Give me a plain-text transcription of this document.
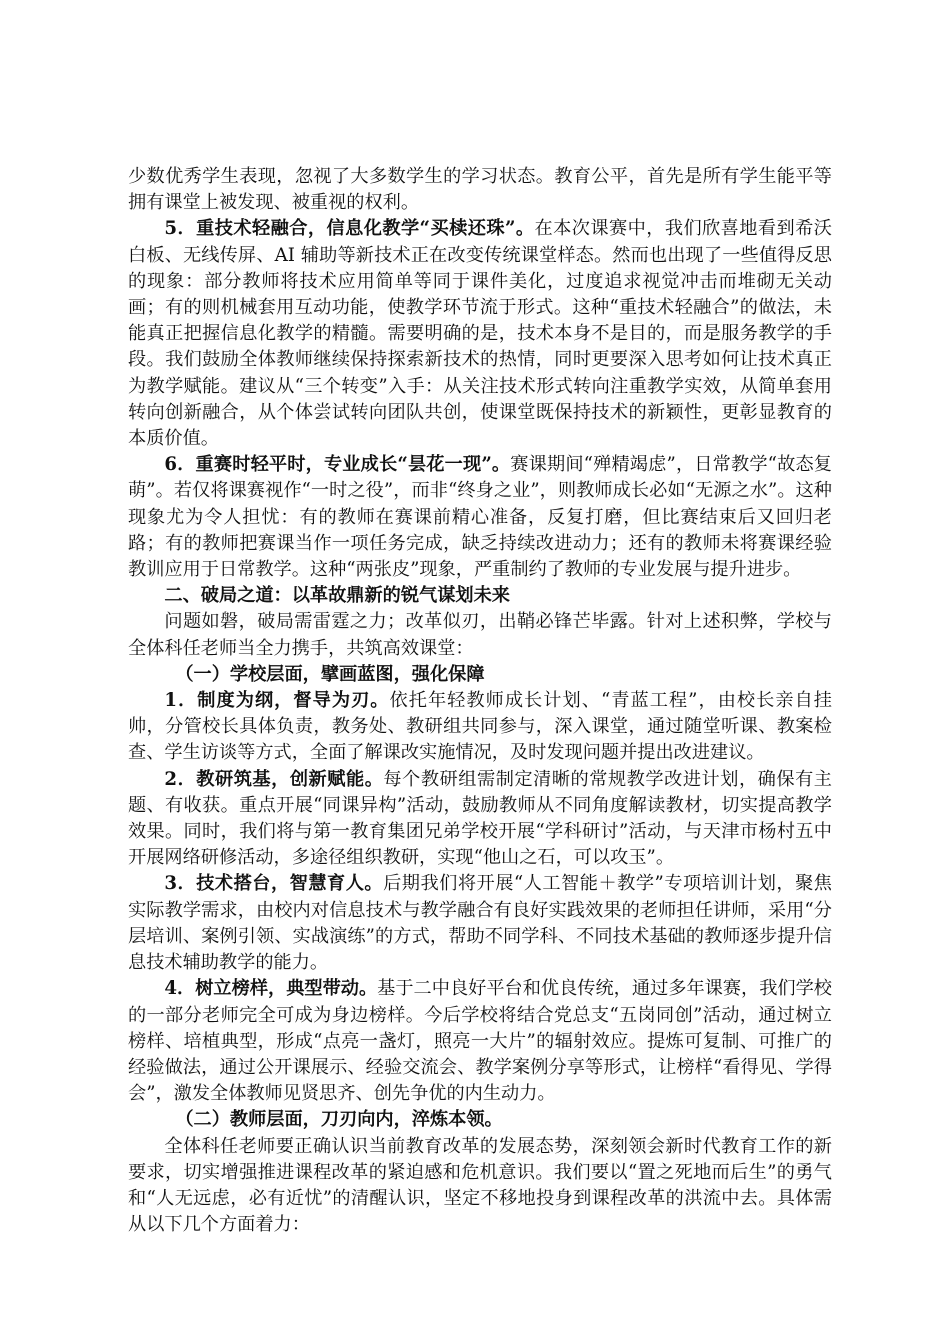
少数优秀学生表现，忽视了大多数学生的学习状态。教育公平，首先是所有学生能平等拥有课堂上被发现、被重视的权利。

5．重技术轻融合，信息化教学“买椟还珠”。在本次课赛中，我们欣喜地看到希沃白板、无线传屏、AI 辅助等新技术正在改变传统课堂样态。然而也出现了一些值得反思的现象：部分教师将技术应用简单等同于课件美化，过度追求视觉冲击而堆砌无关动画；有的则机械套用互动功能，使教学环节流于形式。这种“重技术轻融合”的做法，未能真正把握信息化教学的精髓。需要明确的是，技术本身不是目的，而是服务教学的手段。我们鼓励全体教师继续保持探索新技术的热情，同时更要深入思考如何让技术真正为教学赋能。建议从“三个转变”入手：从关注技术形式转向注重教学实效，从简单套用转向创新融合，从个体尝试转向团队共创，使课堂既保持技术的新颖性，更彰显教育的本质价值。

6．重赛时轻平时，专业成长“昙花一现”。赛课期间“殚精竭虑”，日常教学“故态复萌”。若仅将课赛视作“一时之役”，而非“终身之业”，则教师成长必如“无源之水”。这种现象尤为令人担忧：有的教师在赛课前精心准备，反复打磨，但比赛结束后又回归老路；有的教师把赛课当作一项任务完成，缺乏持续改进动力；还有的教师未将赛课经验教训应用于日常教学。这种“两张皮”现象，严重制约了教师的专业发展与提升进步。

二、破局之道：以革故鼎新的锐气谋划未来

问题如磐，破局需雷霆之力；改革似刃，出鞘必锋芒毕露。针对上述积弊，学校与全体科任老师当全力携手，共筑高效课堂：

（一）学校层面，擘画蓝图，强化保障

1．制度为纲，督导为刃。依托年轻教师成长计划、“青蓝工程”，由校长亲自挂帅，分管校长具体负责，教务处、教研组共同参与，深入课堂，通过随堂听课、教案检查、学生访谈等方式，全面了解课改实施情况，及时发现问题并提出改进建议。

2．教研筑基，创新赋能。每个教研组需制定清晰的常规教学改进计划，确保有主题、有收获。重点开展“同课异构”活动，鼓励教师从不同角度解读教材，切实提高教学效果。同时，我们将与第一教育集团兄弟学校开展“学科研讨”活动，与天津市杨村五中开展网络研修活动，多途径组织教研，实现“他山之石，可以攻玉”。

3．技术搭台，智慧育人。后期我们将开展“人工智能＋教学”专项培训计划，聚焦实际教学需求，由校内对信息技术与教学融合有良好实践效果的老师担任讲师，采用“分层培训、案例引领、实战演练”的方式，帮助不同学科、不同技术基础的教师逐步提升信息技术辅助教学的能力。

4．树立榜样，典型带动。基于二中良好平台和优良传统，通过多年课赛，我们学校的一部分老师完全可成为身边榜样。今后学校将结合党总支“五岗同创”活动，通过树立榜样、培植典型，形成“点亮一盏灯，照亮一大片”的辐射效应。提炼可复制、可推广的经验做法，通过公开课展示、经验交流会、教学案例分享等形式，让榜样“看得见、学得会”，激发全体教师见贤思齐、创先争优的内生动力。

（二）教师层面，刀刃向内，淬炼本领。

全体科任老师要正确认识当前教育改革的发展态势，深刻领会新时代教育工作的新要求，切实增强推进课程改革的紧迫感和危机意识。我们要以“置之死地而后生”的勇气和“人无远虑，必有近忧”的清醒认识，坚定不移地投身到课程改革的洪流中去。具体需从以下几个方面着力：
